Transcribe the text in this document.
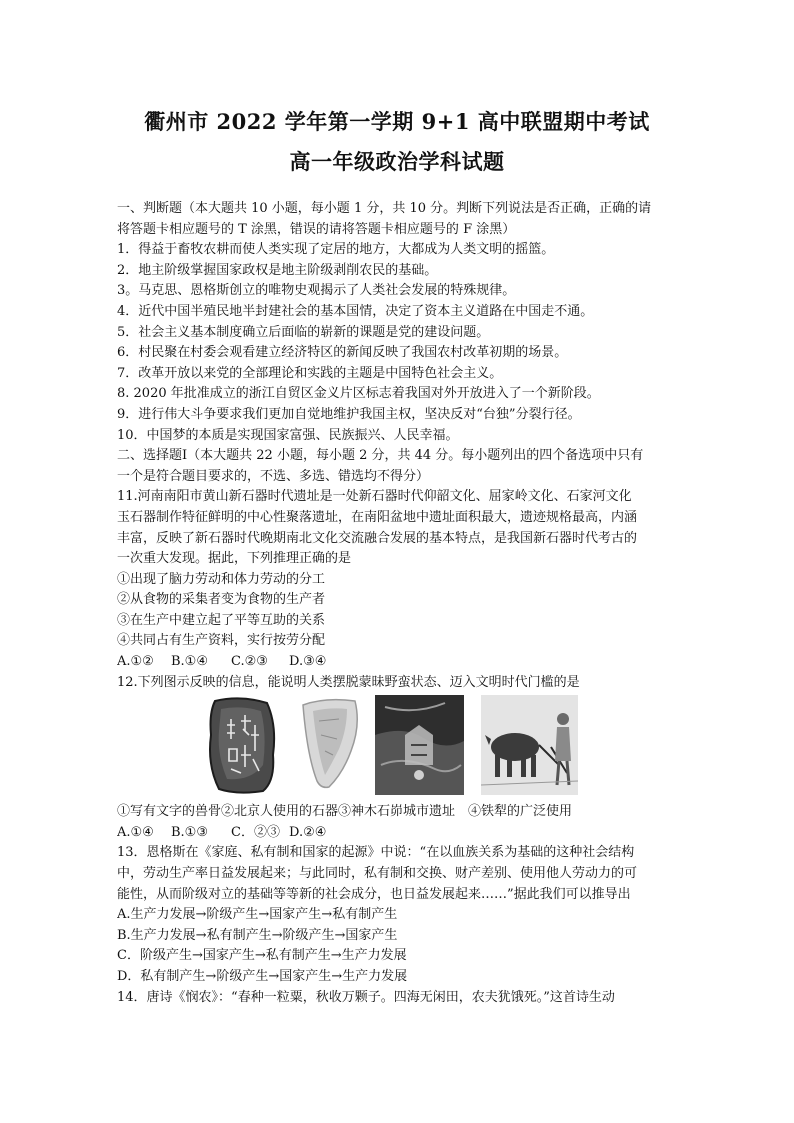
衢州市 2022 学年第一学期 9+1 高中联盟期中考试
高一年级政治学科试题
一、判断题（本大题共 10 小题，每小题 1 分，共 10 分。判断下列说法是否正确，正确的请
将答题卡相应题号的 T 涂黑，错误的请将答题卡相应题号的 F 涂黑）
1．得益于畜牧农耕而使人类实现了定居的地方，大都成为人类文明的摇篮。
2．地主阶级掌握国家政权是地主阶级剥削农民的基础。
3。马克思、恩格斯创立的唯物史观揭示了人类社会发展的特殊规律。
4．近代中国半殖民地半封建社会的基本国情，决定了资本主义道路在中国走不通。
5．社会主义基本制度确立后面临的崭新的课题是党的建设问题。
6．村民聚在村委会观看建立经济特区的新闻反映了我国农村改革初期的场景。
7．改革开放以来党的全部理论和实践的主题是中国特色社会主义。
8. 2020 年批准成立的浙江自贸区金义片区标志着我国对外开放进入了一个新阶段。
9．进行伟大斗争要求我们更加自觉地维护我国主权，坚决反对“台独”分裂行径。
10．中国梦的本质是实现国家富强、民族振兴、人民幸福。
二、选择题Ⅰ（本大题共 22 小题，每小题 2 分，共 44 分。每小题列出的四个备选项中只有
一个是符合题目要求的，不选、多选、错选均不得分）
11.河南南阳市黄山新石器时代遗址是一处新石器时代仰韶文化、屈家岭文化、石家河文化
玉石器制作特征鲜明的中心性聚落遗址，在南阳盆地中遗址面积最大，遗迹规格最高，内涵
丰富，反映了新石器时代晚期南北文化交流融合发展的基本特点，是我国新石器时代考古的
一次重大发现。据此，下列推理正确的是
①出现了脑力劳动和体力劳动的分工
②从食物的采集者变为食物的生产者
③在生产中建立起了平等互助的关系
④共同占有生产资料，实行按劳分配
A.①② B.①④ C.②③ D.③④
12.下列图示反映的信息，能说明人类摆脱蒙昧野蛮状态、迈入文明时代门槛的是
①写有文字的兽骨②北京人使用的石器③神木石峁城市遗址　④铁犁的广泛使用
A.①④ B.①③ C．②③ D.②④
13．恩格斯在《家庭、私有制和国家的起源》中说：“在以血族关系为基础的这种社会结构
中，劳动生产率日益发展起来；与此同时，私有制和交换、财产差别、使用他人劳动力的可
能性，从而阶级对立的基础等等新的社会成分，也日益发展起来……”据此我们可以推导出
A.生产力发展→阶级产生→国家产生→私有制产生
B.生产力发展→私有制产生→阶级产生→国家产生
C．阶级产生→国家产生→私有制产生→生产力发展
D．私有制产生→阶级产生→国家产生→生产力发展
14．唐诗《悯农》：“春种一粒粟，秋收万颗子。四海无闲田，农夫犹饿死。”这首诗生动
